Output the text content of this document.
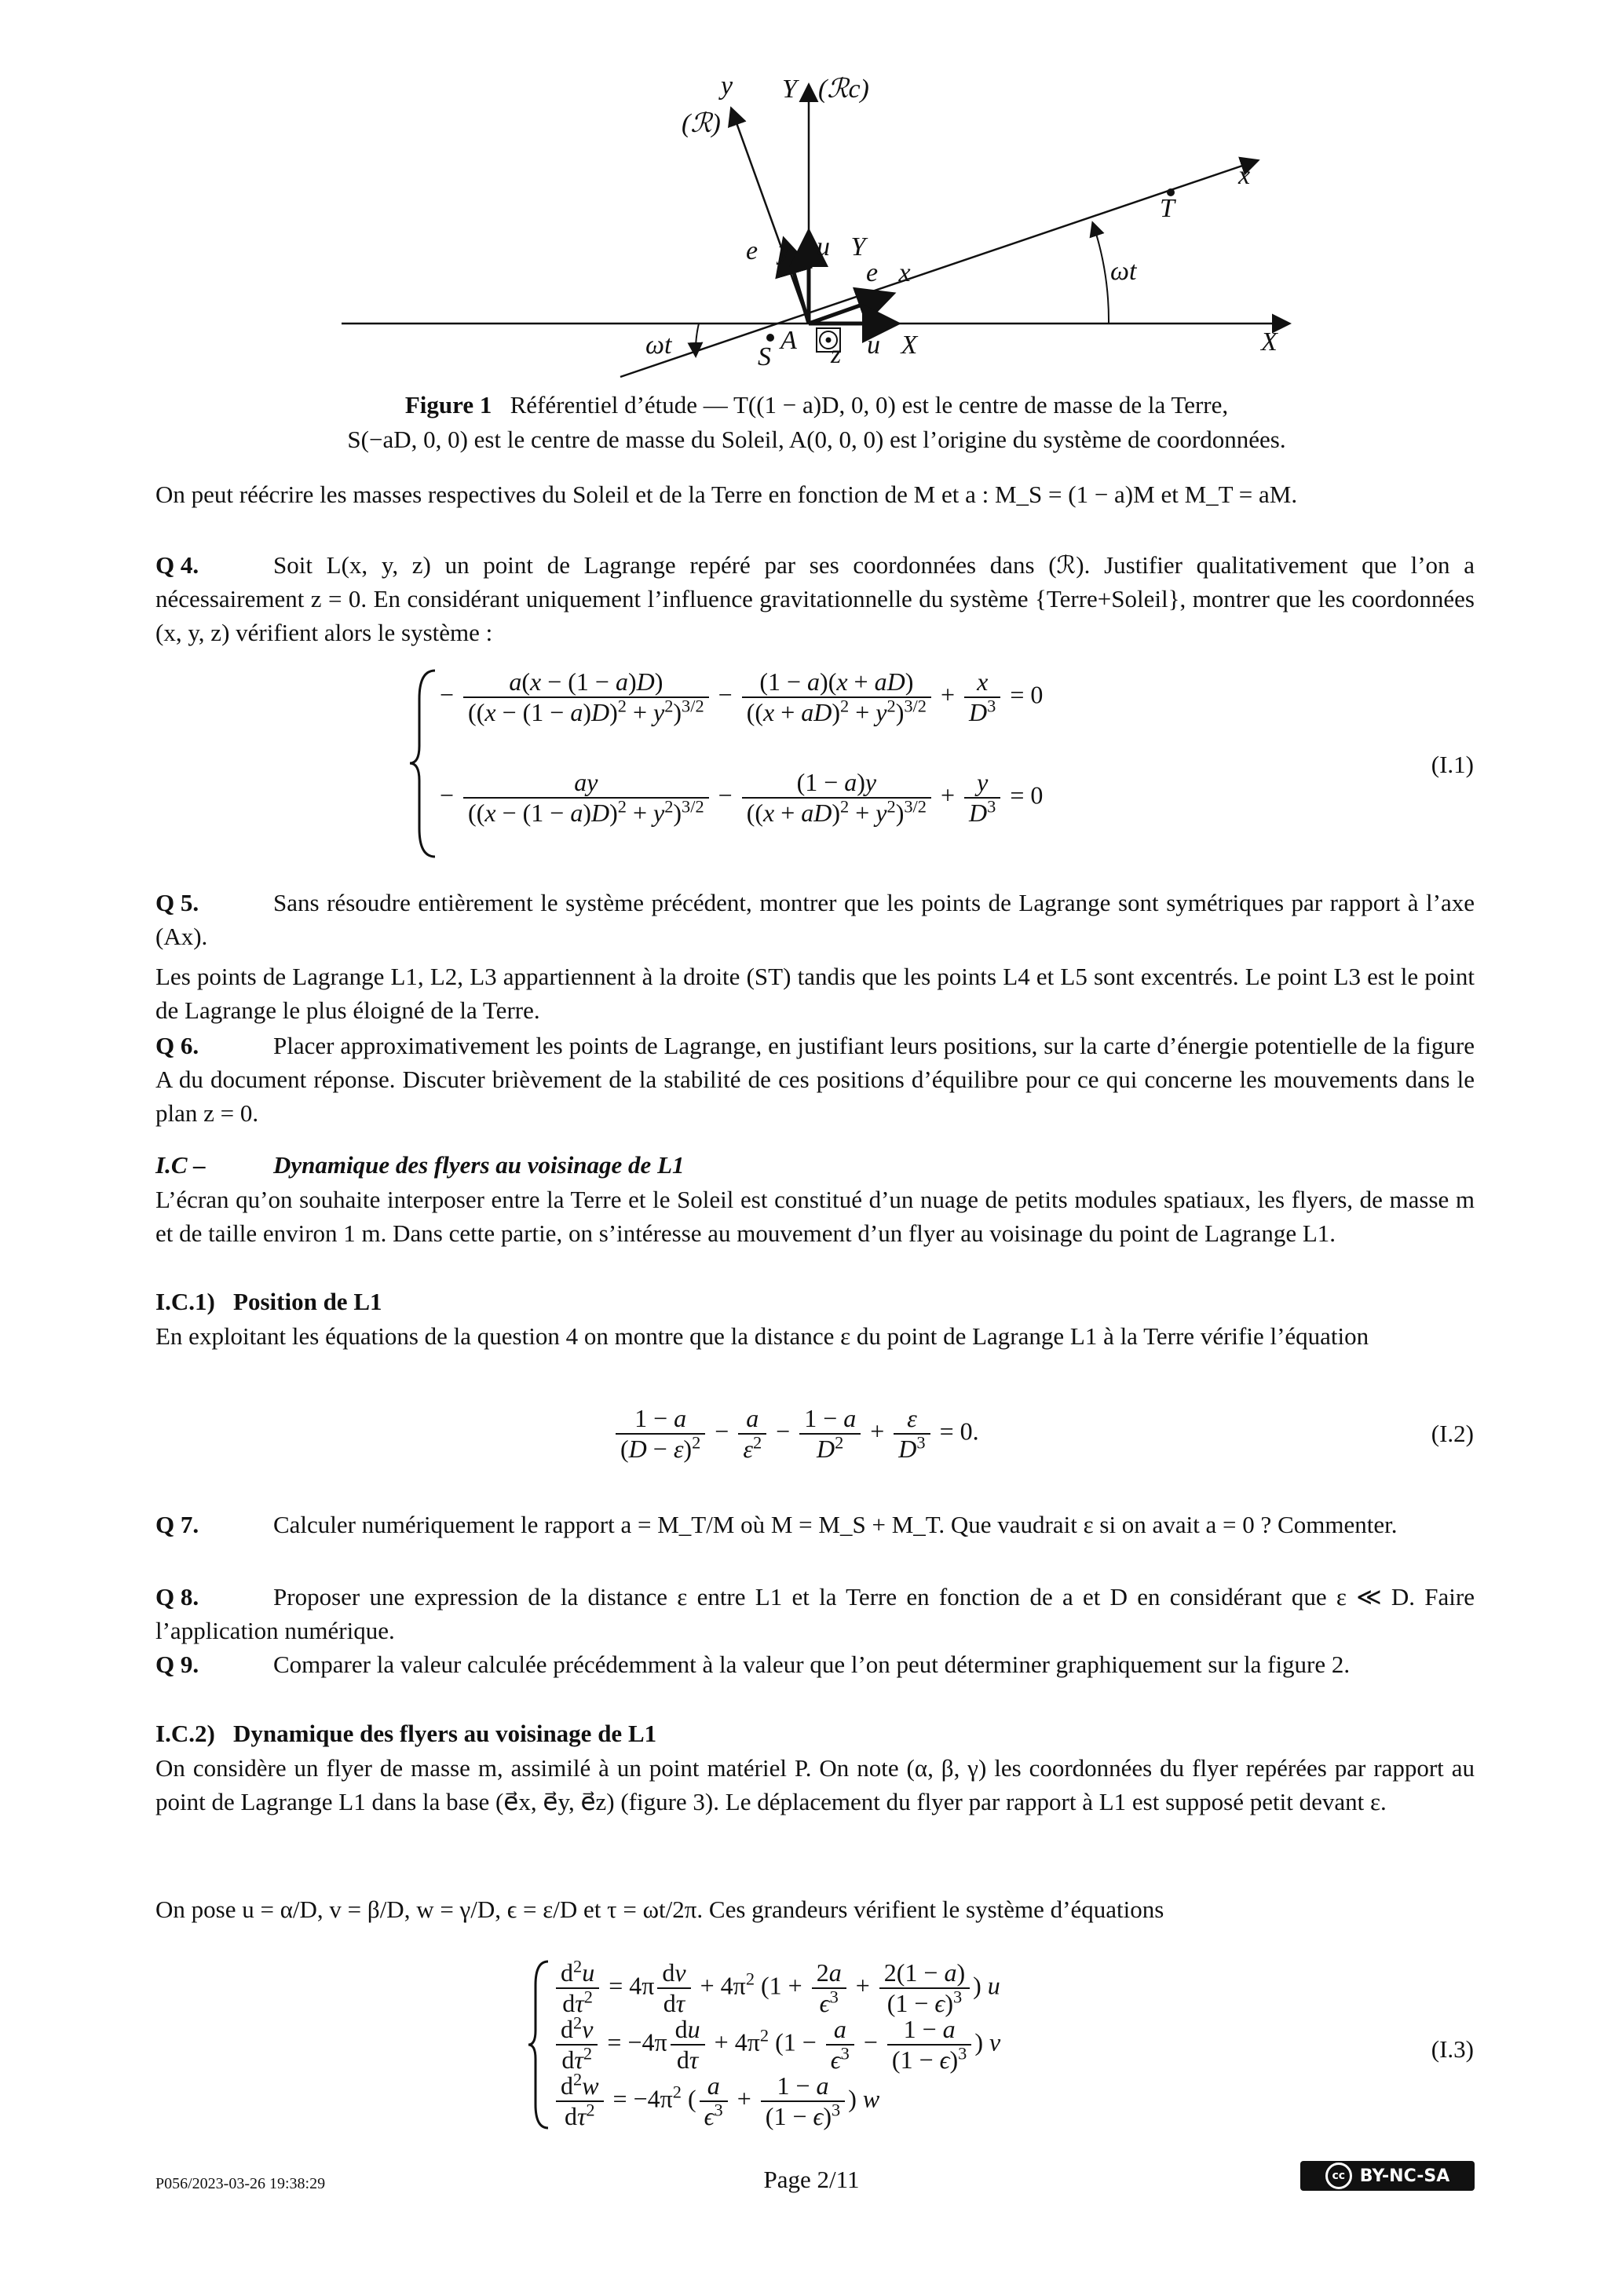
y
(ℛ)
Y (ℛc)
x
T
ωt
ωt
e⃗y u⃗Y
e⃗x
S
A z u⃗X	X
Figure 1 Référentiel d’étude — T((1 − a)D, 0, 0) est le centre de masse de la Terre,
S(−aD, 0, 0) est le centre de masse du Soleil, A(0, 0, 0) est l’origine du système de coordonnées.
On peut réécrire les masses respectives du Soleil et de la Terre en fonction de M et a : M_S = (1 − a)M et M_T = aM.
Q 4.	Soit L(x, y, z) un point de Lagrange repéré par ses coordonnées dans (ℛ). Justifier qualitativement que l’on a nécessairement z = 0. En considérant uniquement l’influence gravitationnelle du système {Terre+Soleil}, montrer que les coordonnées (x, y, z) vérifient alors le système :
− $\frac{a(x - (1 - a)D)}{((x - (1 - a)D)^2 + y^2)^{3/2}} - \frac{(1 - a)(x + aD)}{((x + aD)^2 + y^2)^{3/2}} + \frac{x}{D^3} = 0$
− $\frac{ay}{((x - (1 - a)D)^2 + y^2)^{3/2}} - \frac{(1 - a)y}{((x + aD)^2 + y^2)^{3/2}} + \frac{y}{D^3} = 0$
(I.1)
Q 5.	Sans résoudre entièrement le système précédent, montrer que les points de Lagrange sont symétriques par rapport à l’axe (Ax).
Les points de Lagrange L1, L2, L3 appartiennent à la droite (ST) tandis que les points L4 et L5 sont excentrés. Le point L3 est le point de Lagrange le plus éloigné de la Terre.
Q 6.	Placer approximativement les points de Lagrange, en justifiant leurs positions, sur la carte d’énergie potentielle de la figure A du document réponse. Discuter brièvement de la stabilité de ces positions d’équilibre pour ce qui concerne les mouvements dans le plan z = 0.
I.C –	Dynamique des flyers au voisinage de L1
L’écran qu’on souhaite interposer entre la Terre et le Soleil est constitué d’un nuage de petits modules spatiaux, les flyers, de masse m et de taille environ 1 m. Dans cette partie, on s’intéresse au mouvement d’un flyer au voisinage du point de Lagrange L1.
I.C.1)   Position de L1
En exploitant les équations de la question 4 on montre que la distance ε du point de Lagrange L1 à la Terre vérifie l’équation
$\frac{1 - a}{(D - \varepsilon)^2} - \frac{a}{\varepsilon^2} - \frac{1 - a}{D^2} + \frac{\varepsilon}{D^3} = 0$.	(I.2)
Q 7.	Calculer numériquement le rapport a = M_T/M où M = M_S + M_T. Que vaudrait ε si on avait a = 0 ? Commenter.
Q 8.	Proposer une expression de la distance ε entre L1 et la Terre en fonction de a et D en considérant que ε ≪ D. Faire l’application numérique.
Q 9.	Comparer la valeur calculée précédemment à la valeur que l’on peut déterminer graphiquement sur la figure 2.
I.C.2)   Dynamique des flyers au voisinage de L1
On considère un flyer de masse m, assimilé à un point matériel P. On note (α, β, γ) les coordonnées du flyer repérées par rapport au point de Lagrange L1 dans la base (e⃗x, e⃗y, e⃗z) (figure 3). Le déplacement du flyer par rapport à L1 est supposé petit devant ε.
On pose u = α/D, v = β/D, w = γ/D, ϵ = ε/D et τ = ωt/2π. Ces grandeurs vérifient le système d’équations
$\frac{d^2u}{d\tau^2} = 4\pi \frac{dv}{d\tau} + 4\pi^2$ ($1 + \frac{2a}{\epsilon^3} + \frac{2(1 - a)}{(1 - \epsilon)^3}$ ) u
$\frac{d^2v}{d\tau^2} = -4\pi \frac{du}{d\tau} + 4\pi^2$ ($1 - \frac{a}{\epsilon^3} - \frac{1 - a}{(1 - \epsilon)^3}$ ) v
$\frac{d^2w}{d\tau^2} = -4\pi^2$ ( $\frac{a}{\epsilon^3} + \frac{1 - a}{(1 - \epsilon)^3}$ ) w
(I.3)
P056/2023-03-26 19:38:29	Page 2/11	cc BY-NC-SA
